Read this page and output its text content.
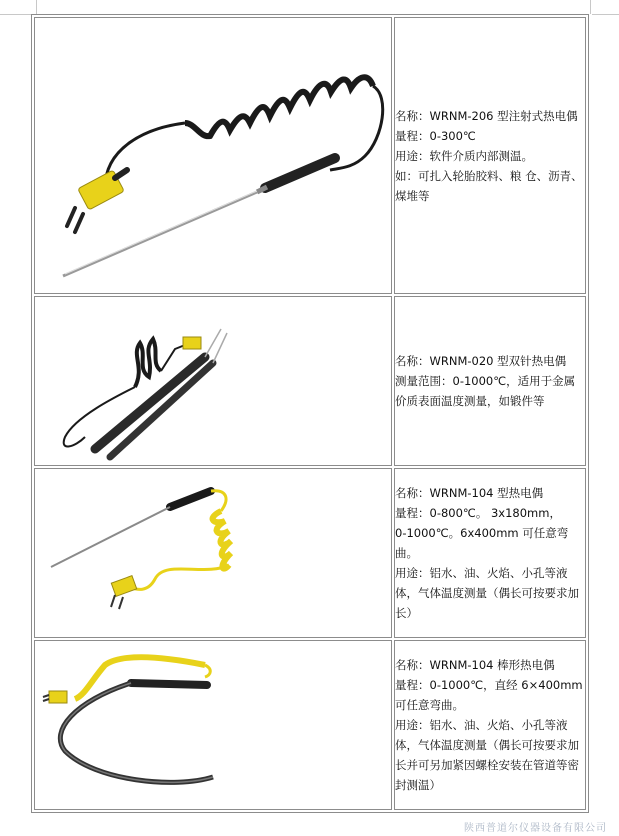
名称：WRNM-206 型注射式热电偶
量程：0-300℃
用途：软件介质内部测温。
如：可扎入轮胎胶料、粮 仓、沥青、煤堆等

名称：WRNM-020 型双针热电偶
测量范围：0-1000℃，适用于金属价质表面温度测量，如锻件等

名称：WRNM-104 型热电偶
量程：0-800℃。 3x180mm，
0-1000℃。6x400mm 可任意弯曲。
用途：铝水、油、火焰、小孔等液体，气体温度测量（偶长可按要求加长）

名称：WRNM-104 棒形热电偶
量程：0-1000℃，直经 6×400mm 可任意弯曲。
用途：铝水、油、火焰、小孔等液体，气体温度测量（偶长可按要求加长并可另加紧因螺栓安装在管道等密封测温）
陕西普道尔仪器设备有限公司
